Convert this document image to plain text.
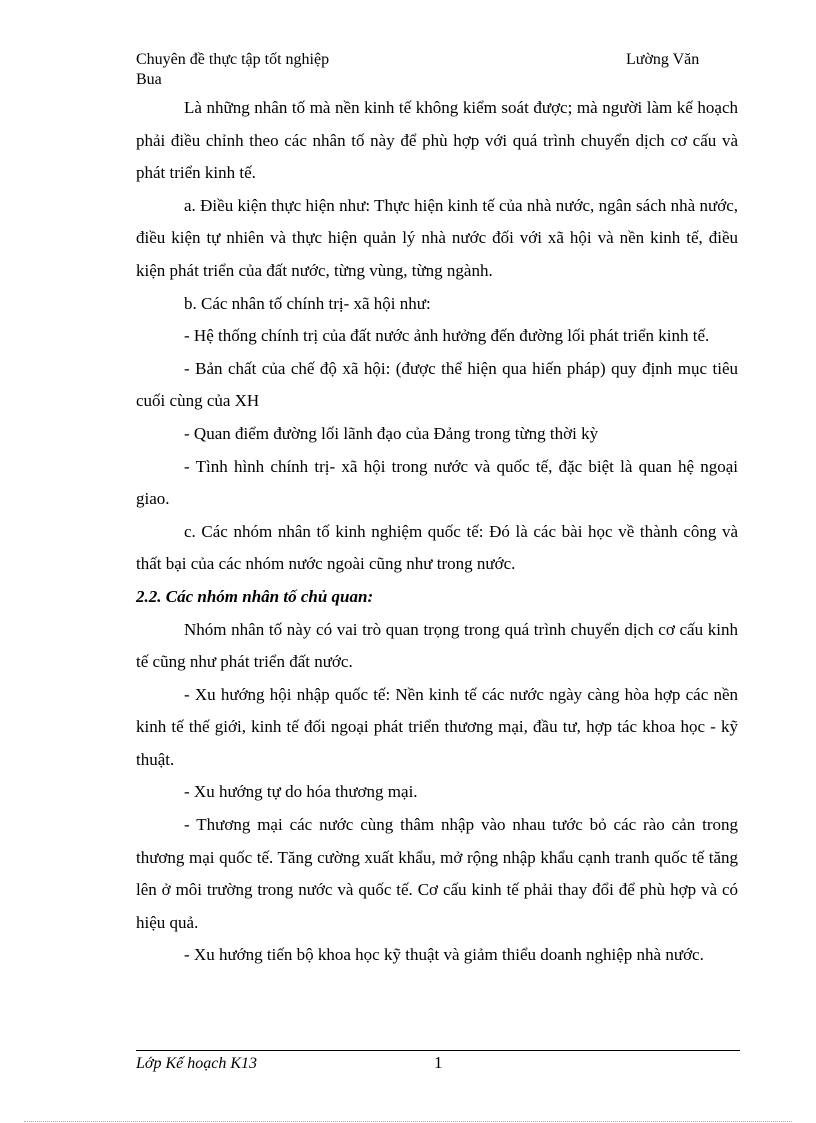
Chuyên đề thực tập tốt nghiệp	Lường Văn
Bua

Là những nhân tố mà nền kinh tế không kiểm soát được; mà người làm kế hoạch phải điều chỉnh theo các nhân tố này để phù hợp với quá trình chuyển dịch cơ cấu và phát triển kinh tế.

a. Điều kiện thực hiện như: Thực hiện kinh tế của nhà nước, ngân sách nhà nước, điều kiện tự nhiên và thực hiện quản lý nhà nước đối với xã hội và nền kinh tế, điều kiện phát triển của đất nước, từng vùng, từng ngành.

b. Các nhân tố chính trị- xã hội như:

- Hệ thống chính trị của đất nước ảnh hưởng đến đường lối phát triển kinh tế.

- Bản chất của chế độ xã hội: (được thể hiện qua hiến pháp) quy định mục tiêu cuối cùng của XH

- Quan điểm đường lối lãnh đạo của Đảng trong từng thời kỳ

- Tình hình chính trị- xã hội trong nước và quốc tế, đặc biệt là quan hệ ngoại giao.

c. Các nhóm nhân tố kinh nghiệm quốc tế: Đó là các bài học về thành công và thất bại của các nhóm nước ngoài cũng như trong nước.

2.2. Các nhóm nhân tố chủ quan:

Nhóm nhân tố này có vai trò quan trọng trong quá trình chuyển dịch cơ cấu kinh tế cũng như phát triển đất nước.

- Xu hướng hội nhập quốc tế: Nền kinh tế các nước ngày càng hòa hợp các nền kinh tế thế giới, kinh tế đối ngoại phát triển thương mại, đầu tư, hợp tác khoa học - kỹ thuật.

- Xu hướng tự do hóa thương mại.

- Thương mại các nước cùng thâm nhập vào nhau tước bỏ các rào cản trong thương mại quốc tế. Tăng cường xuất khẩu, mở rộng nhập khẩu cạnh tranh quốc tế tăng lên ở môi trường trong nước và quốc tế. Cơ cấu kinh tế phải thay đổi để phù hợp và có hiệu quả.

- Xu hướng tiến bộ khoa học kỹ thuật và giảm thiểu doanh nghiệp nhà nước.

Lớp Kế hoạch K13	1
